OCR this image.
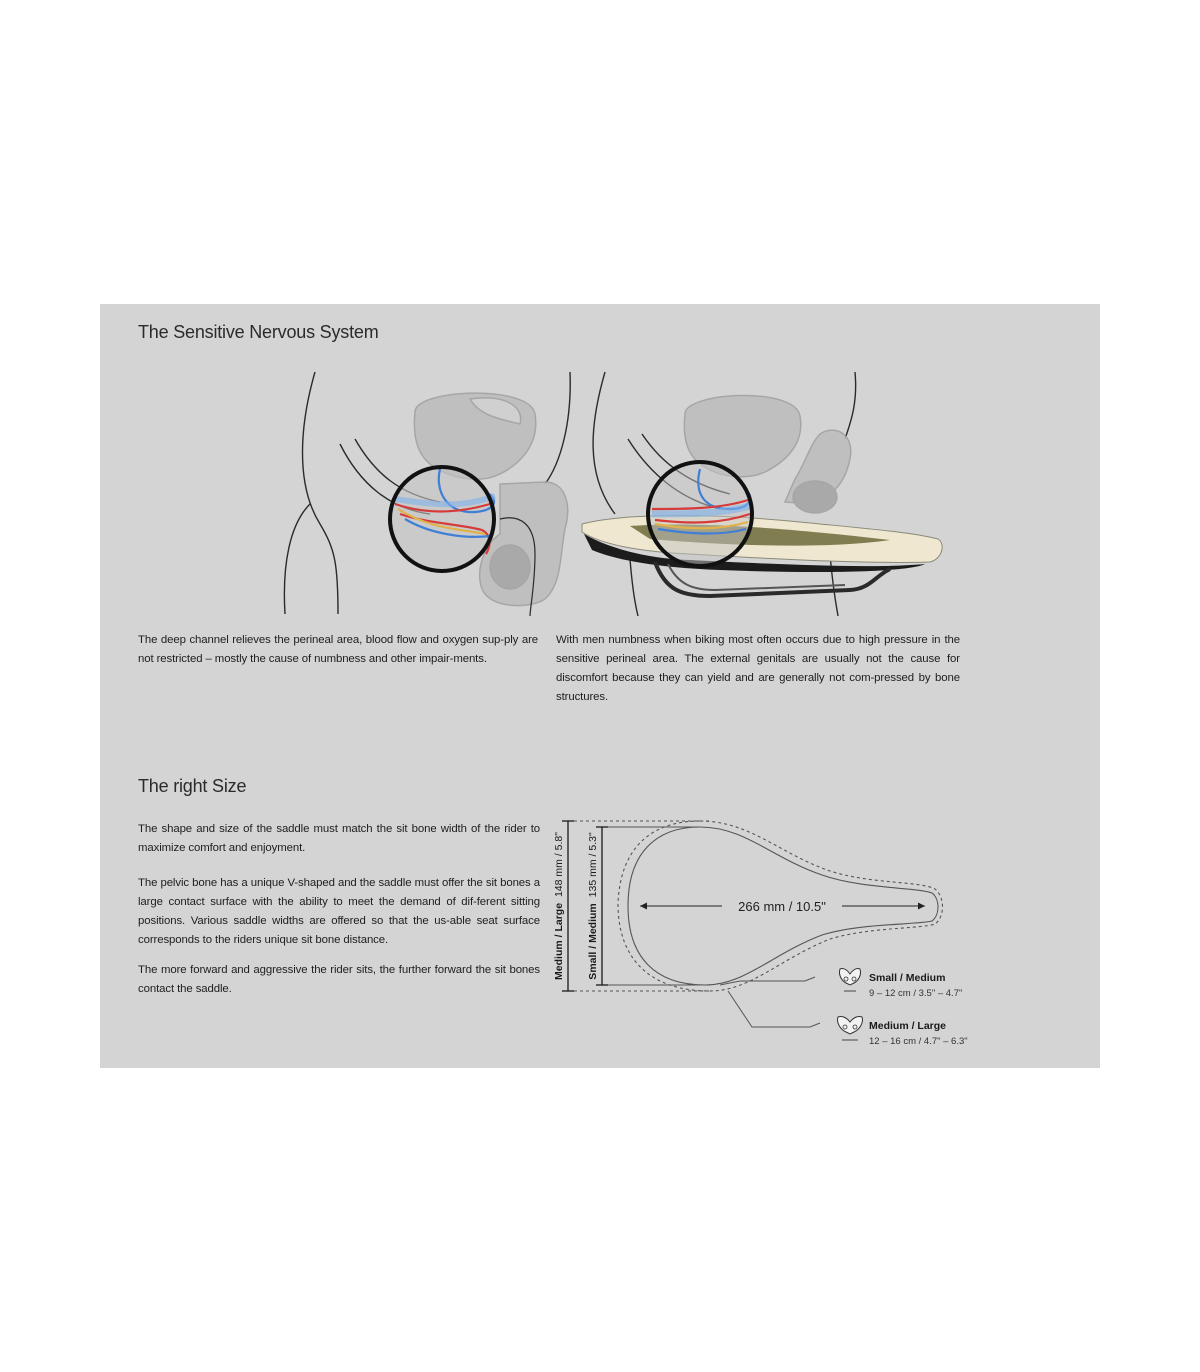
The Sensitive Nervous System

The deep channel relieves the perineal area, blood flow and oxygen sup-ply are not restricted – mostly the cause of numbness and other impair-ments.

With men numbness when biking most often occurs due to high pressure in the sensitive perineal area. The external genitals are usually not the cause for discomfort because they can yield and are generally not com-pressed by bone structures.

The right Size

The shape and size of the saddle must match the sit bone width of the rider to maximize comfort and enjoyment.

The pelvic bone has a unique V-shaped and the saddle must offer the sit bones a large contact surface with the ability to meet the demand of dif-ferent sitting positions. Various saddle widths are offered so that the us-able seat surface corresponds to the riders unique sit bone distance.

The more forward and aggressive the rider sits, the further forward the sit bones contact the saddle.

Medium / Large 148 mm / 5.8"
Small / Medium 135 mm / 5.3"
266 mm / 10.5"
Small / Medium
9 – 12 cm / 3.5" – 4.7"
Medium / Large
12 – 16 cm / 4.7" – 6.3"
